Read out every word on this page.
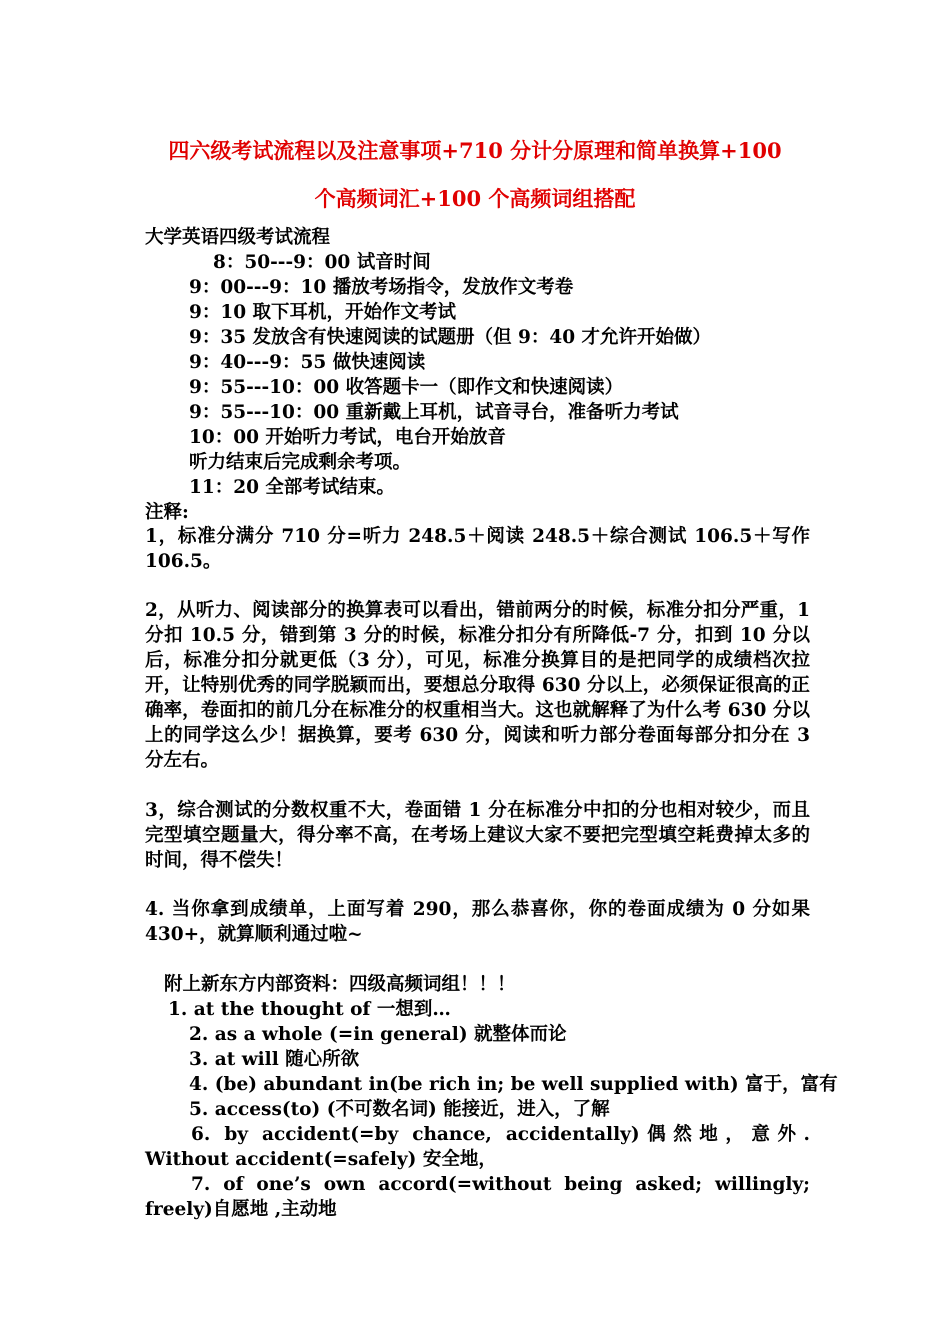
四六级考试流程以及注意事项+710 分计分原理和简单换算+100
个高频词汇+100 个高频词组搭配
大学英语四级考试流程
8：50---9：00 试音时间
9：00---9：10 播放考场指令，发放作文考卷
9：10 取下耳机，开始作文考试
9：35 发放含有快速阅读的试题册（但 9：40 才允许开始做）
9：40---9：55 做快速阅读
9：55---10：00 收答题卡一（即作文和快速阅读）
9：55---10：00 重新戴上耳机，试音寻台，准备听力考试
10：00 开始听力考试，电台开始放音
听力结束后完成剩余考项。
11：20 全部考试结束。
注释:
1，标准分满分 710 分=听力 248.5＋阅读 248.5＋综合测试 106.5＋写作 106.5。
2，从听力、阅读部分的换算表可以看出，错前两分的时候，标准分扣分严重，1 分扣 10.5 分，错到第 3 分的时候，标准分扣分有所降低-7 分，扣到 10 分以后，标准分扣分就更低（3 分），可见，标准分换算目的是把同学的成绩档次拉开，让特别优秀的同学脱颖而出，要想总分取得 630 分以上，必须保证很高的正确率，卷面扣的前几分在标准分的权重相当大。这也就解释了为什么考 630 分以上的同学这么少！据换算，要考 630 分，阅读和听力部分卷面每部分扣分在 3 分左右。
3，综合测试的分数权重不大，卷面错 1 分在标准分中扣的分也相对较少，而且完型填空题量大，得分率不高，在考场上建议大家不要把完型填空耗费掉太多的时间，得不偿失！
4. 当你拿到成绩单，上面写着 290，那么恭喜你，你的卷面成绩为 0 分如果 430+，就算顺利通过啦~
附上新东方内部资料：四级高频词组！！！
1. at the thought of 一想到…
2. as a whole (=in general) 就整体而论
3. at will 随心所欲
4. (be) abundant in(be rich in; be well supplied with) 富于，富有
5. access(to) (不可数名词) 能接近，进入，了解
6. by accident(=by chance, accidentally)偶然地，意外. Without accident(=safely) 安全地，
7. of one’s own accord(=without being asked; willingly; freely)自愿地 ,主动地
